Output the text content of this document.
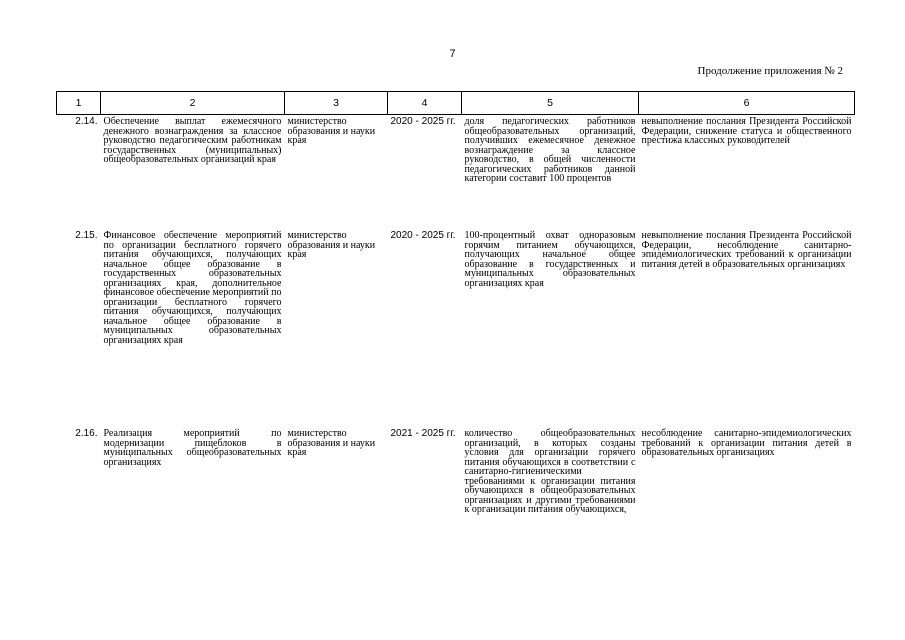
7
Продолжение приложения № 2
1	2	3	4	5	6
2.14.	Обеспечение выплат ежемесячного денежного вознаграждения за классное руководство педагогическим работникам государственных (муниципальных) общеобразовательных организаций края	министерство образования и науки края	2020 - 2025 гг.	доля педагогических работников общеобразовательных организаций, получивших ежемесячное денежное вознаграждение за классное руководство, в общей численности педагогических работников данной категории составит 100 процентов	невыполнение послания Президента Российской Федерации, снижение статуса и общественного престижа классных руководителей
2.15.	Финансовое обеспечение мероприятий по организации бесплатного горячего питания обучающихся, получающих начальное общее образование в государственных образовательных организациях края, дополнительное финансовое обеспечение мероприятий по организации бесплатного горячего питания обучающихся, получающих начальное общее образование в муниципальных образовательных организациях края	министерство образования и науки края	2020 - 2025 гг.	100-процентный охват одноразовым горячим питанием обучающихся, получающих начальное общее образование в государственных и муниципальных образовательных организациях края	невыполнение послания Президента Российской Федерации, несоблюдение санитарно-эпидемиологических требований к организации питания детей в образовательных организациях
2.16.	Реализация мероприятий по модернизации пищеблоков в муниципальных общеобразовательных организациях	министерство образования и науки края	2021 - 2025 гг.	количество общеобразовательных организаций, в которых созданы условия для организации горячего питания обучающихся в соответствии с санитарно-гигиеническими требованиями к организации питания обучающихся в общеобразовательных организациях и другими требованиями к организации питания обучающихся,	несоблюдение санитарно-эпидемиологических требований к организации питания детей в образовательных организациях
